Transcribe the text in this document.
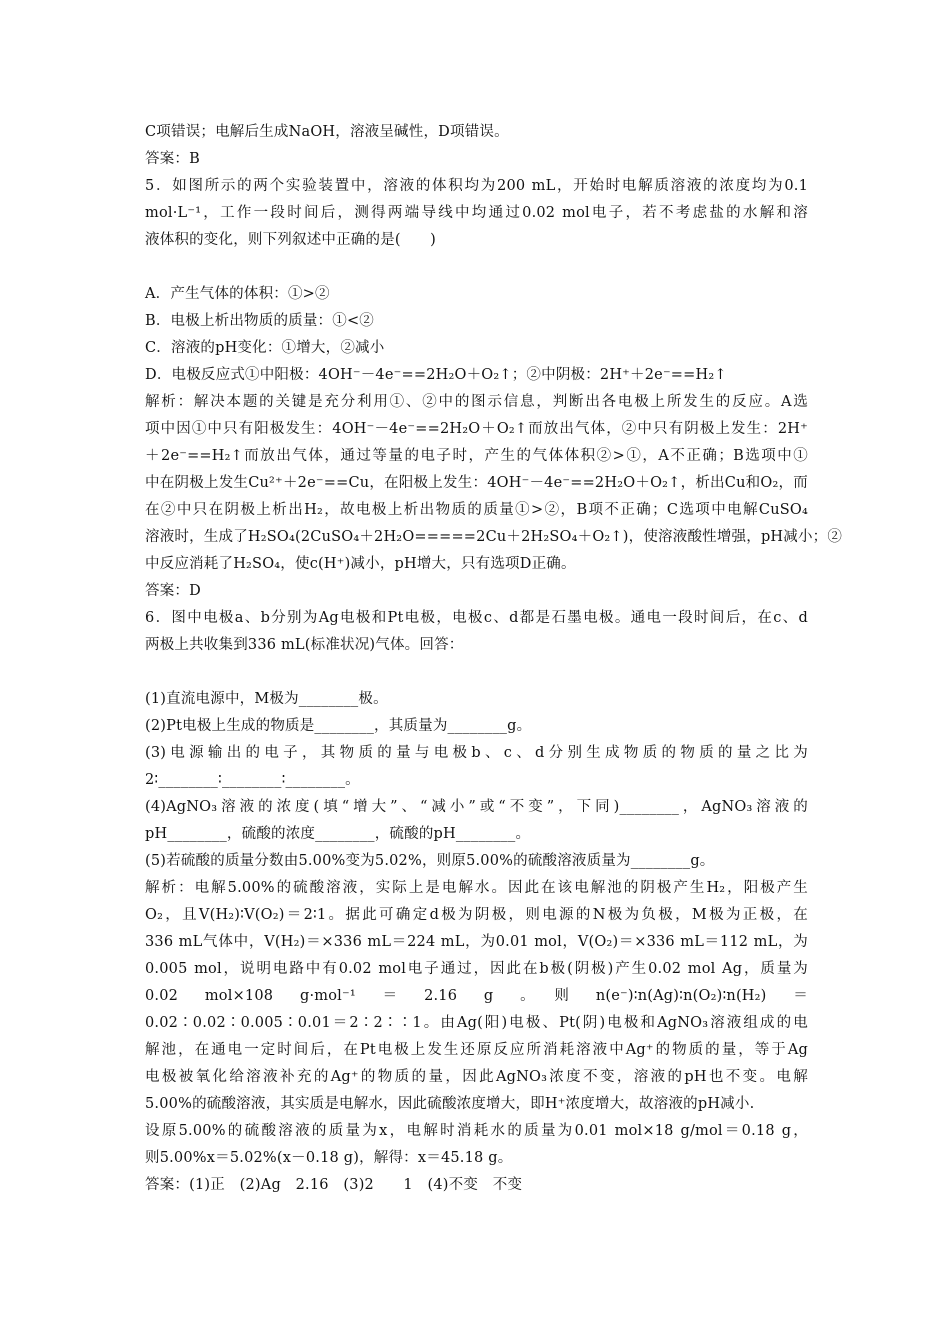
C项错误；电解后生成NaOH，溶液呈碱性，D项错误。
答案：B
5．如图所示的两个实验装置中，溶液的体积均为200 mL，开始时电解质溶液的浓度均为0.1
mol·L⁻¹，工作一段时间后，测得两端导线中均通过0.02 mol电子，若不考虑盐的水解和溶
液体积的变化，则下列叙述中正确的是(　　)
A．产生气体的体积：①>②
B．电极上析出物质的质量：①<②
C．溶液的pH变化：①增大，②减小
D．电极反应式①中阳极：4OH⁻－4e⁻==2H₂O＋O₂↑；②中阴极：2H⁺＋2e⁻==H₂↑
解析：解决本题的关键是充分利用①、②中的图示信息，判断出各电极上所发生的反应。A选
项中因①中只有阳极发生：4OH⁻－4e⁻==2H₂O＋O₂↑而放出气体，②中只有阴极上发生：2H⁺
＋2e⁻==H₂↑而放出气体，通过等量的电子时，产生的气体体积②>①，A不正确；B选项中①
中在阴极上发生Cu²⁺＋2e⁻==Cu，在阳极上发生：4OH⁻－4e⁻==2H₂O＋O₂↑，析出Cu和O₂，而
在②中只在阴极上析出H₂，故电极上析出物质的质量①>②，B项不正确；C选项中电解CuSO₄
溶液时，生成了H₂SO₄(2CuSO₄＋2H₂O=====2Cu＋2H₂SO₄＋O₂↑)，使溶液酸性增强，pH减小；②
中反应消耗了H₂SO₄，使c(H⁺)减小，pH增大，只有选项D正确。
答案：D
6．图中电极a、b分别为Ag电极和Pt电极，电极c、d都是石墨电极。通电一段时间后，在c、d
两极上共收集到336 mL(标准状况)气体。回答：
(1)直流电源中，M极为________极。
(2)Pt电极上生成的物质是________，其质量为________g。
(3)电源输出的电子，其物质的量与电极b、c、d分别生成物质的物质的量之比为
2∶________∶________∶________。
(4)AgNO₃溶液的浓度(填“增大”、“减小”或“不变”，下同)________，AgNO₃溶液的
pH________，硫酸的浓度________，硫酸的pH________。
(5)若硫酸的质量分数由5.00%变为5.02%，则原5.00%的硫酸溶液质量为________g。
解析：电解5.00%的硫酸溶液，实际上是电解水。因此在该电解池的阴极产生H₂，阳极产生
O₂，且V(H₂)∶V(O₂)＝2∶1。据此可确定d极为阴极，则电源的N极为负极，M极为正极，在
336 mL气体中，V(H₂)＝×336 mL＝224 mL，为0.01 mol，V(O₂)＝×336 mL＝112 mL，为
0.005 mol，说明电路中有0.02 mol电子通过，因此在b极(阴极)产生0.02 mol Ag，质量为
0.02　mol×108　g·mol⁻¹　＝　2.16　g　。　则　n(e⁻)∶n(Ag)∶n(O₂)∶n(H₂)　＝
0.02∶0.02∶0.005∶0.01＝2∶2∶∶1。由Ag(阳)电极、Pt(阴)电极和AgNO₃溶液组成的电
解池，在通电一定时间后，在Pt电极上发生还原反应所消耗溶液中Ag⁺的物质的量，等于Ag
电极被氧化给溶液补充的Ag⁺的物质的量，因此AgNO₃浓度不变，溶液的pH也不变。电解
5.00%的硫酸溶液，其实质是电解水，因此硫酸浓度增大，即H⁺浓度增大，故溶液的pH减小.
设原5.00%的硫酸溶液的质量为x，电解时消耗水的质量为0.01 mol×18 g/mol＝0.18 g，
则5.00%x＝5.02%(x－0.18 g)，解得：x＝45.18 g。
答案：(1)正　(2)Ag　2.16　(3)2　　1　(4)不变　不变
